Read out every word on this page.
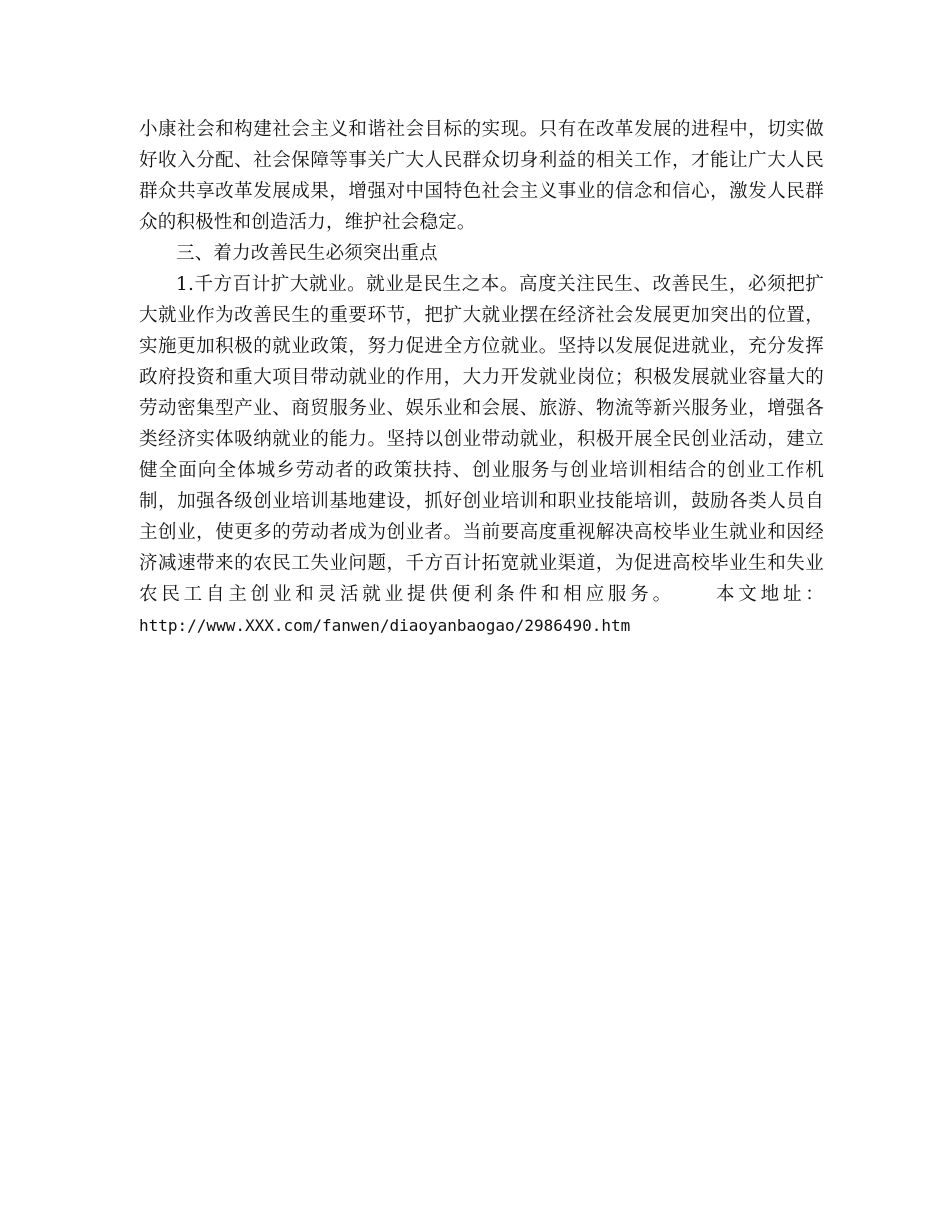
小康社会和构建社会主义和谐社会目标的实现。只有在改革发展的进程中，切实做好收入分配、社会保障等事关广大人民群众切身利益的相关工作，才能让广大人民群众共享改革发展成果，增强对中国特色社会主义事业的信念和信心，激发人民群众的积极性和创造活力，维护社会稳定。

三、着力改善民生必须突出重点

1.千方百计扩大就业。就业是民生之本。高度关注民生、改善民生，必须把扩大就业作为改善民生的重要环节，把扩大就业摆在经济社会发展更加突出的位置，实施更加积极的就业政策，努力促进全方位就业。坚持以发展促进就业，充分发挥政府投资和重大项目带动就业的作用，大力开发就业岗位；积极发展就业容量大的劳动密集型产业、商贸服务业、娱乐业和会展、旅游、物流等新兴服务业，增强各类经济实体吸纳就业的能力。坚持以创业带动就业，积极开展全民创业活动，建立健全面向全体城乡劳动者的政策扶持、创业服务与创业培训相结合的创业工作机制，加强各级创业培训基地建设，抓好创业培训和职业技能培训，鼓励各类人员自主创业，使更多的劳动者成为创业者。当前要高度重视解决高校毕业生就业和因经济减速带来的农民工失业问题，千方百计拓宽就业渠道，为促进高校毕业生和失业农民工自主创业和灵活就业提供便利条件和相应服务。   本文地址：

http://www.XXX.com/fanwen/diaoyanbaogao/2986490.htm
